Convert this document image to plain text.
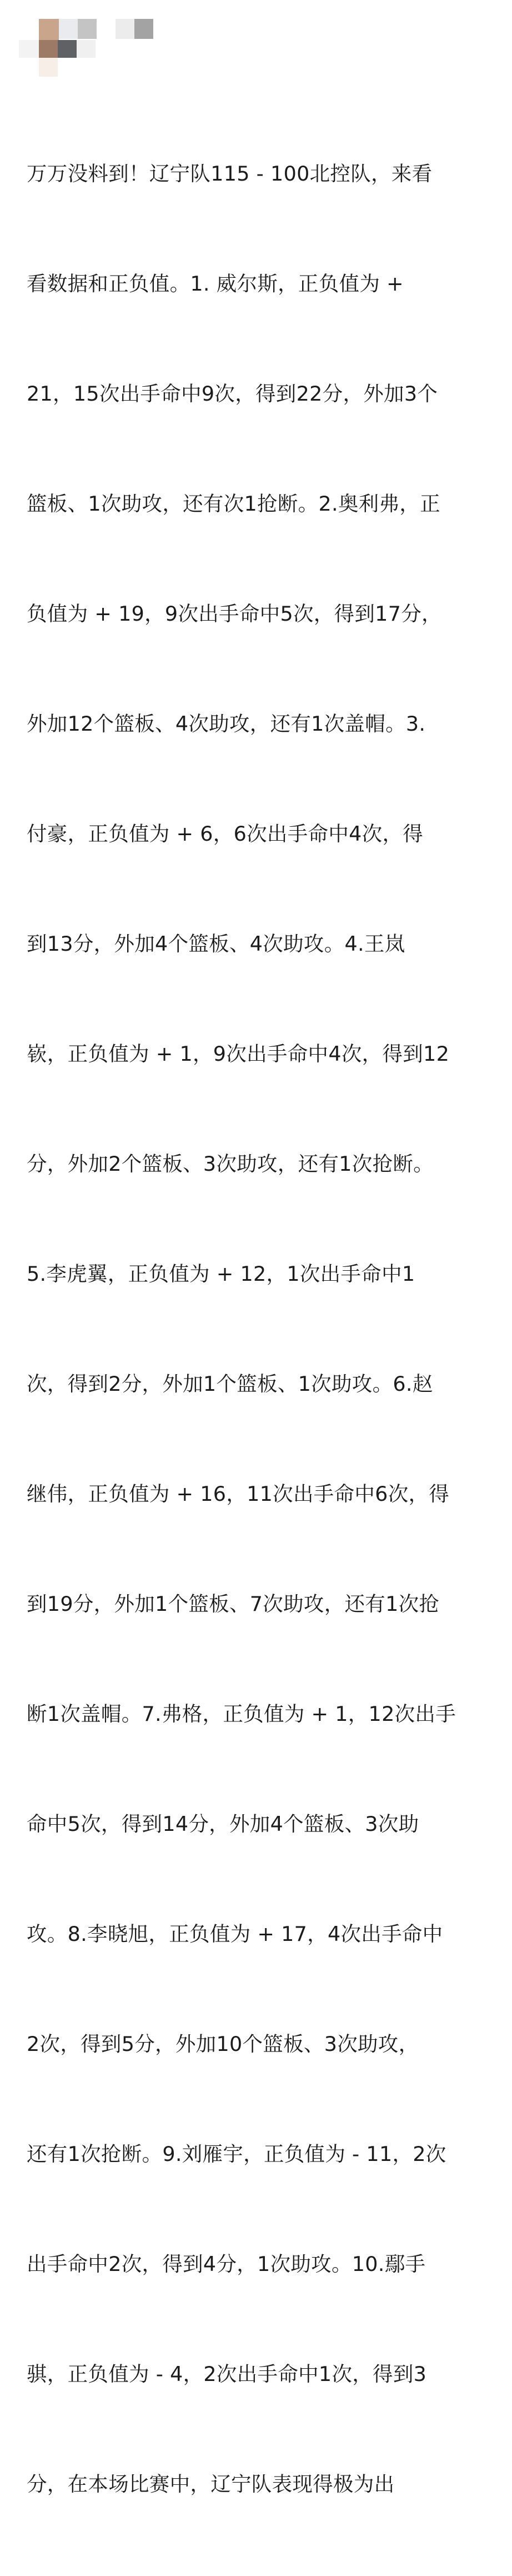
万万没料到！辽宁队115 - 100北控队，来看

看数据和正负值。1. 威尔斯，正负值为 +

21，15次出手命中9次，得到22分，外加3个

篮板、1次助攻，还有次1抢断。2.奥利弗，正

负值为 + 19，9次出手命中5次，得到17分，

外加12个篮板、4次助攻，还有1次盖帽。3.

付豪，正负值为 + 6，6次出手命中4次，得

到13分，外加4个篮板、4次助攻。4.王岚

嵚，正负值为 + 1，9次出手命中4次，得到12

分，外加2个篮板、3次助攻，还有1次抢断。

5.李虎翼，正负值为 + 12，1次出手命中1

次，得到2分，外加1个篮板、1次助攻。6.赵

继伟，正负值为 + 16，11次出手命中6次，得

到19分，外加1个篮板、7次助攻，还有1次抢

断1次盖帽。7.弗格，正负值为 + 1，12次出手

命中5次，得到14分，外加4个篮板、3次助

攻。8.李晓旭，正负值为 + 17，4次出手命中

2次，得到5分，外加10个篮板、3次助攻，

还有1次抢断。9.刘雁宇，正负值为 - 11，2次

出手命中2次，得到4分，1次助攻。10.鄢手

骐，正负值为 - 4，2次出手命中1次，得到3

分，在本场比赛中，辽宁队表现得极为出
